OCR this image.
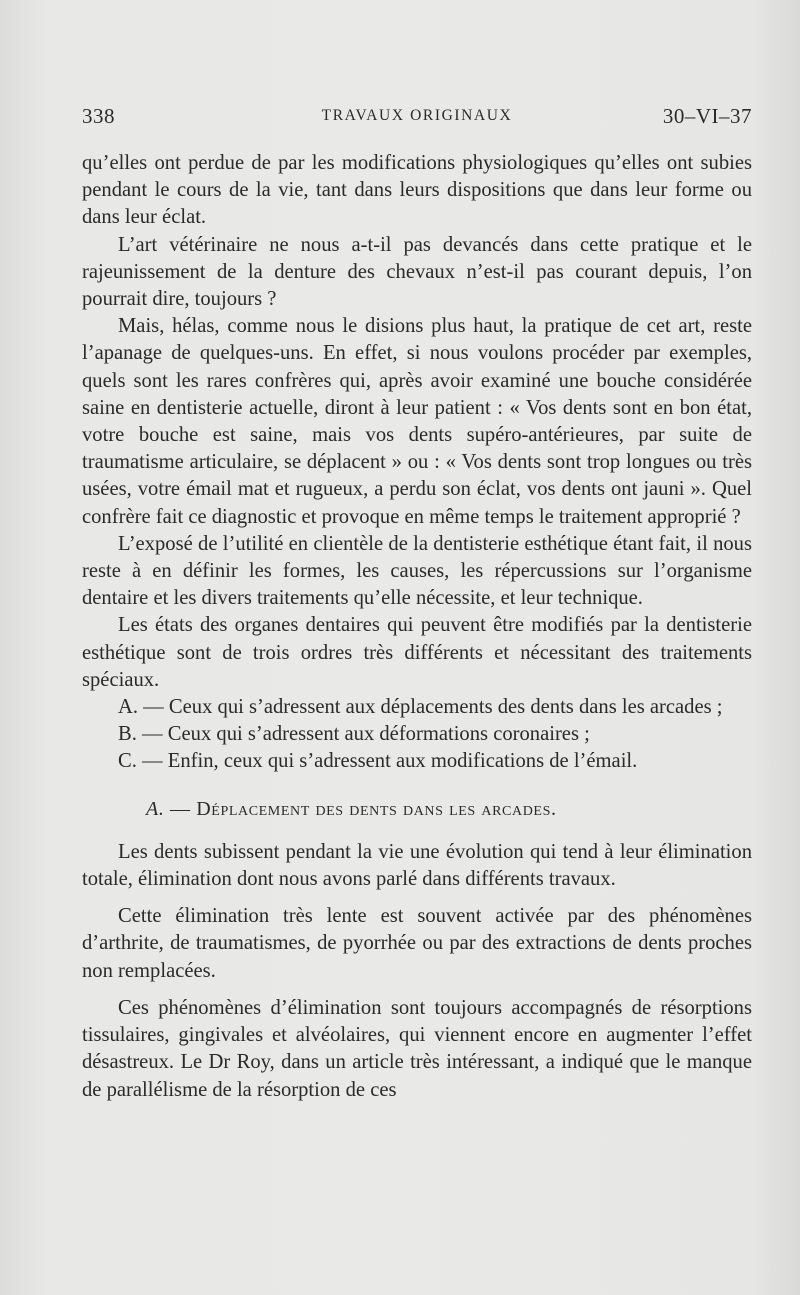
338	TRAVAUX ORIGINAUX	30–VI–37

qu’elles ont perdue de par les modifications physiologiques qu’elles ont subies pendant le cours de la vie, tant dans leurs dispositions que dans leur forme ou dans leur éclat.

L’art vétérinaire ne nous a-t-il pas devancés dans cette pratique et le rajeunissement de la denture des chevaux n’est-il pas courant depuis, l’on pourrait dire, toujours ?

Mais, hélas, comme nous le disions plus haut, la pratique de cet art, reste l’apanage de quelques-uns. En effet, si nous voulons procéder par exemples, quels sont les rares confrères qui, après avoir examiné une bouche considérée saine en dentisterie actuelle, diront à leur patient : « Vos dents sont en bon état, votre bouche est saine, mais vos dents supéro-antérieures, par suite de traumatisme articulaire, se déplacent » ou : « Vos dents sont trop longues ou très usées, votre émail mat et rugueux, a perdu son éclat, vos dents ont jauni ». Quel confrère fait ce diagnostic et provoque en même temps le traitement approprié ?

L’exposé de l’utilité en clientèle de la dentisterie esthétique étant fait, il nous reste à en définir les formes, les causes, les répercussions sur l’organisme dentaire et les divers traitements qu’elle nécessite, et leur technique.

Les états des organes dentaires qui peuvent être modifiés par la dentisterie esthétique sont de trois ordres très différents et nécessitant des traitements spéciaux.

A. — Ceux qui s’adressent aux déplacements des dents dans les arcades ;

B. — Ceux qui s’adressent aux déformations coronaires ;

C. — Enfin, ceux qui s’adressent aux modifications de l’émail.

A. — Déplacement des dents dans les arcades.

Les dents subissent pendant la vie une évolution qui tend à leur élimination totale, élimination dont nous avons parlé dans différents travaux.

Cette élimination très lente est souvent activée par des phénomènes d’arthrite, de traumatismes, de pyorrhée ou par des extractions de dents proches non remplacées.

Ces phénomènes d’élimination sont toujours accompagnés de résorptions tissulaires, gingivales et alvéolaires, qui viennent encore en augmenter l’effet désastreux. Le Dr Roy, dans un article très intéressant, a indiqué que le manque de parallélisme de la résorption de ces
